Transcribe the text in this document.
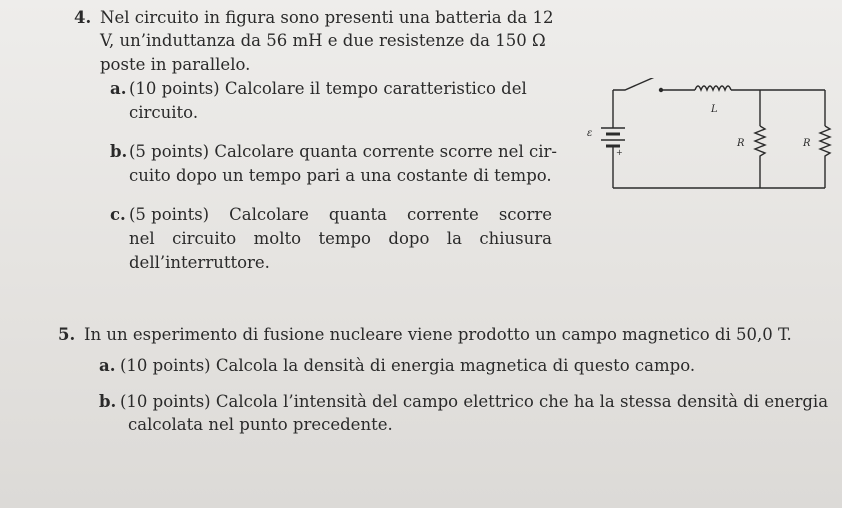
4. Nel circuito in figura sono presenti una batteria da 12
V, un’induttanza da 56 mH e due resistenze da 150 Ω
poste in parallelo.
a. (10 points) Calcolare il tempo caratteristico del
circuito.
b. (5 points) Calcolare quanta corrente scorre nel cir-
cuito dopo un tempo pari a una costante di tempo.
c. (5 points) Calcolare quanta corrente scorre
nel circuito molto tempo dopo la chiusura
dell’interruttore.
+
ε
L
R	R
5. In un esperimento di fusione nucleare viene prodotto un campo magnetico di 50,0 T.
a. (10 points) Calcola la densità di energia magnetica di questo campo.
b. (10 points) Calcola l’intensità del campo elettrico che ha la stessa densità di energia
calcolata nel punto precedente.
